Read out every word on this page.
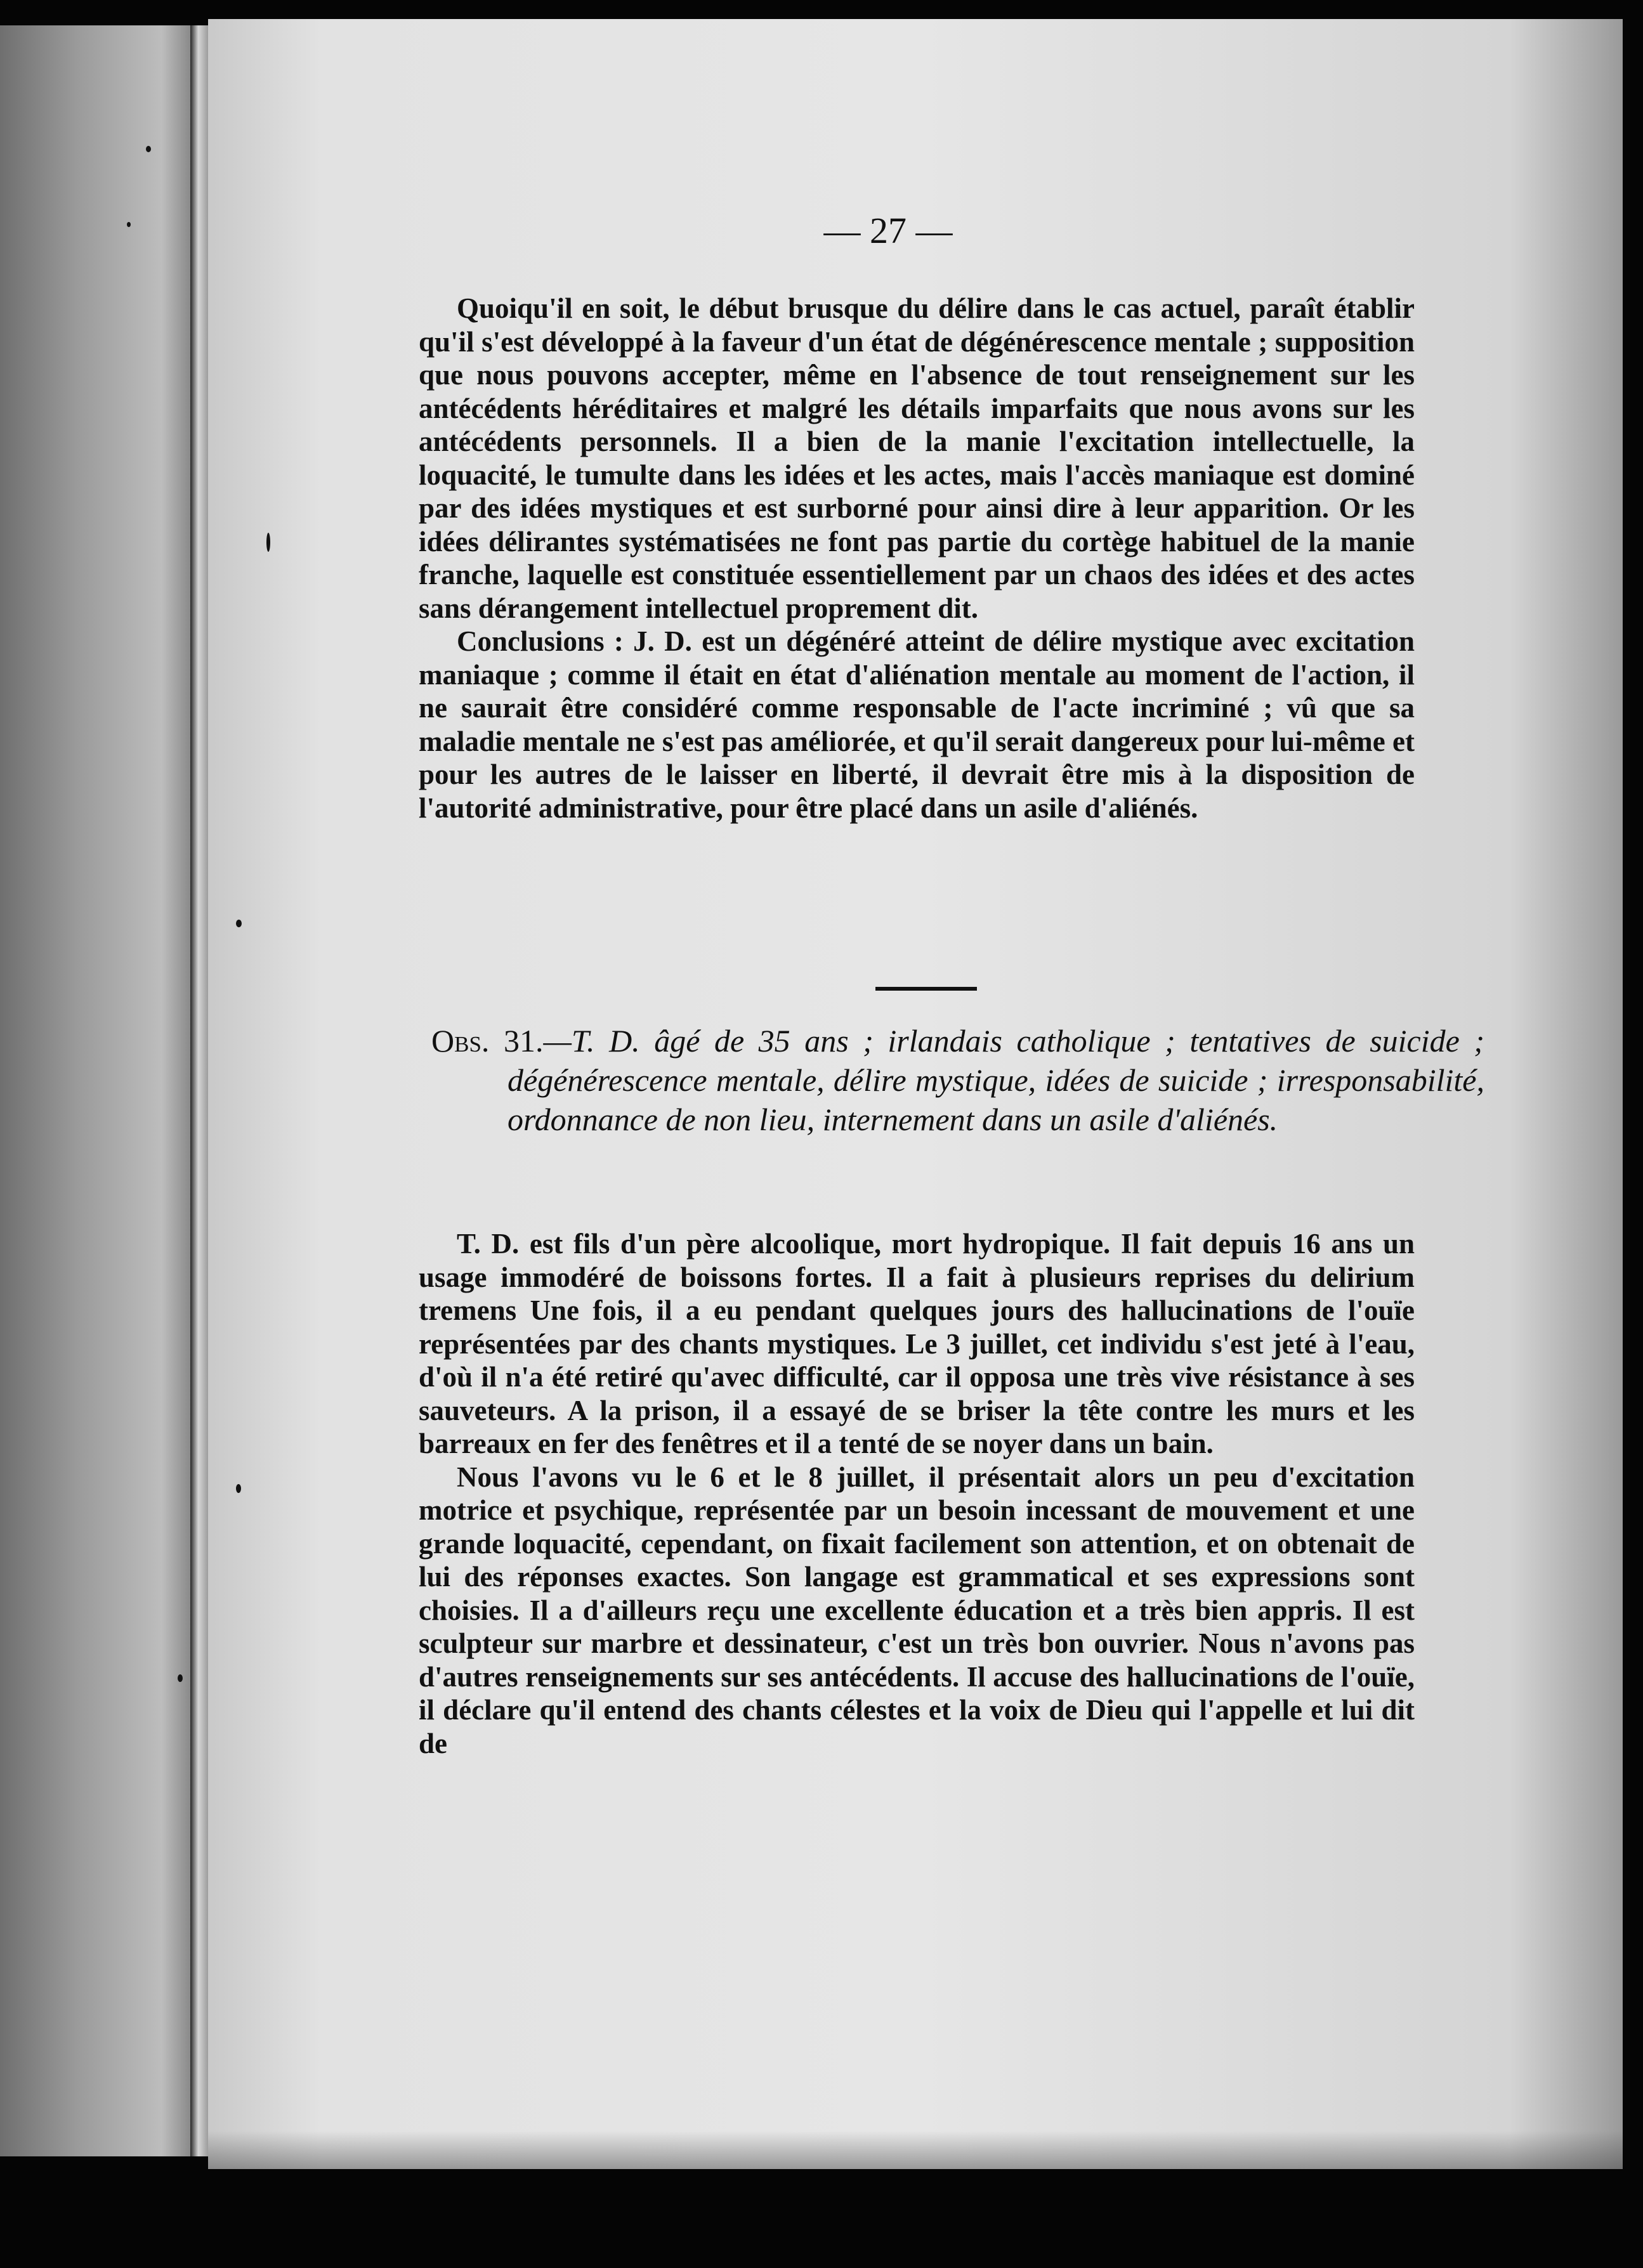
— 27 —

Quoiqu'il en soit, le début brusque du délire dans le cas actuel, paraît établir qu'il s'est développé à la faveur d'un état de dégénérescence mentale ; supposition que nous pouvons accepter, même en l'absence de tout renseignement sur les antécédents héréditaires et malgré les détails imparfaits que nous avons sur les antécédents personnels. Il a bien de la manie l'excitation intellectuelle, la loquacité, le tumulte dans les idées et les actes, mais l'accès maniaque est dominé par des idées mystiques et est surborné pour ainsi dire à leur apparition. Or les idées délirantes systématisées ne font pas partie du cortège habituel de la manie franche, laquelle est constituée essentiellement par un chaos des idées et des actes sans dérangement intellectuel proprement dit.

Conclusions : J. D. est un dégénéré atteint de délire mystique avec excitation maniaque ; comme il était en état d'aliénation mentale au moment de l'action, il ne saurait être considéré comme responsable de l'acte incriminé ; vû que sa maladie mentale ne s'est pas améliorée, et qu'il serait dangereux pour lui-même et pour les autres de le laisser en liberté, il devrait être mis à la disposition de l'autorité administrative, pour être placé dans un asile d'aliénés.

Obs. 31.—T. D. âgé de 35 ans ; irlandais catholique ; tentatives de suicide ; dégénérescence mentale, délire mystique, idées de suicide ; irresponsabilité, ordonnance de non lieu, internement dans un asile d'aliénés.

T. D. est fils d'un père alcoolique, mort hydropique. Il fait depuis 16 ans un usage immodéré de boissons fortes. Il a fait à plusieurs reprises du delirium tremens Une fois, il a eu pendant quelques jours des hallucinations de l'ouïe représentées par des chants mystiques. Le 3 juillet, cet individu s'est jeté à l'eau, d'où il n'a été retiré qu'avec difficulté, car il opposa une très vive résistance à ses sauveteurs. A la prison, il a essayé de se briser la tête contre les murs et les barreaux en fer des fenêtres et il a tenté de se noyer dans un bain.

Nous l'avons vu le 6 et le 8 juillet, il présentait alors un peu d'excitation motrice et psychique, représentée par un besoin incessant de mouvement et une grande loquacité, cependant, on fixait facilement son attention, et on obtenait de lui des réponses exactes. Son langage est grammatical et ses expressions sont choisies. Il a d'ailleurs reçu une excellente éducation et a très bien appris. Il est sculpteur sur marbre et dessinateur, c'est un très bon ouvrier. Nous n'avons pas d'autres renseignements sur ses antécédents. Il accuse des hallucinations de l'ouïe, il déclare qu'il entend des chants célestes et la voix de Dieu qui l'appelle et lui dit de
